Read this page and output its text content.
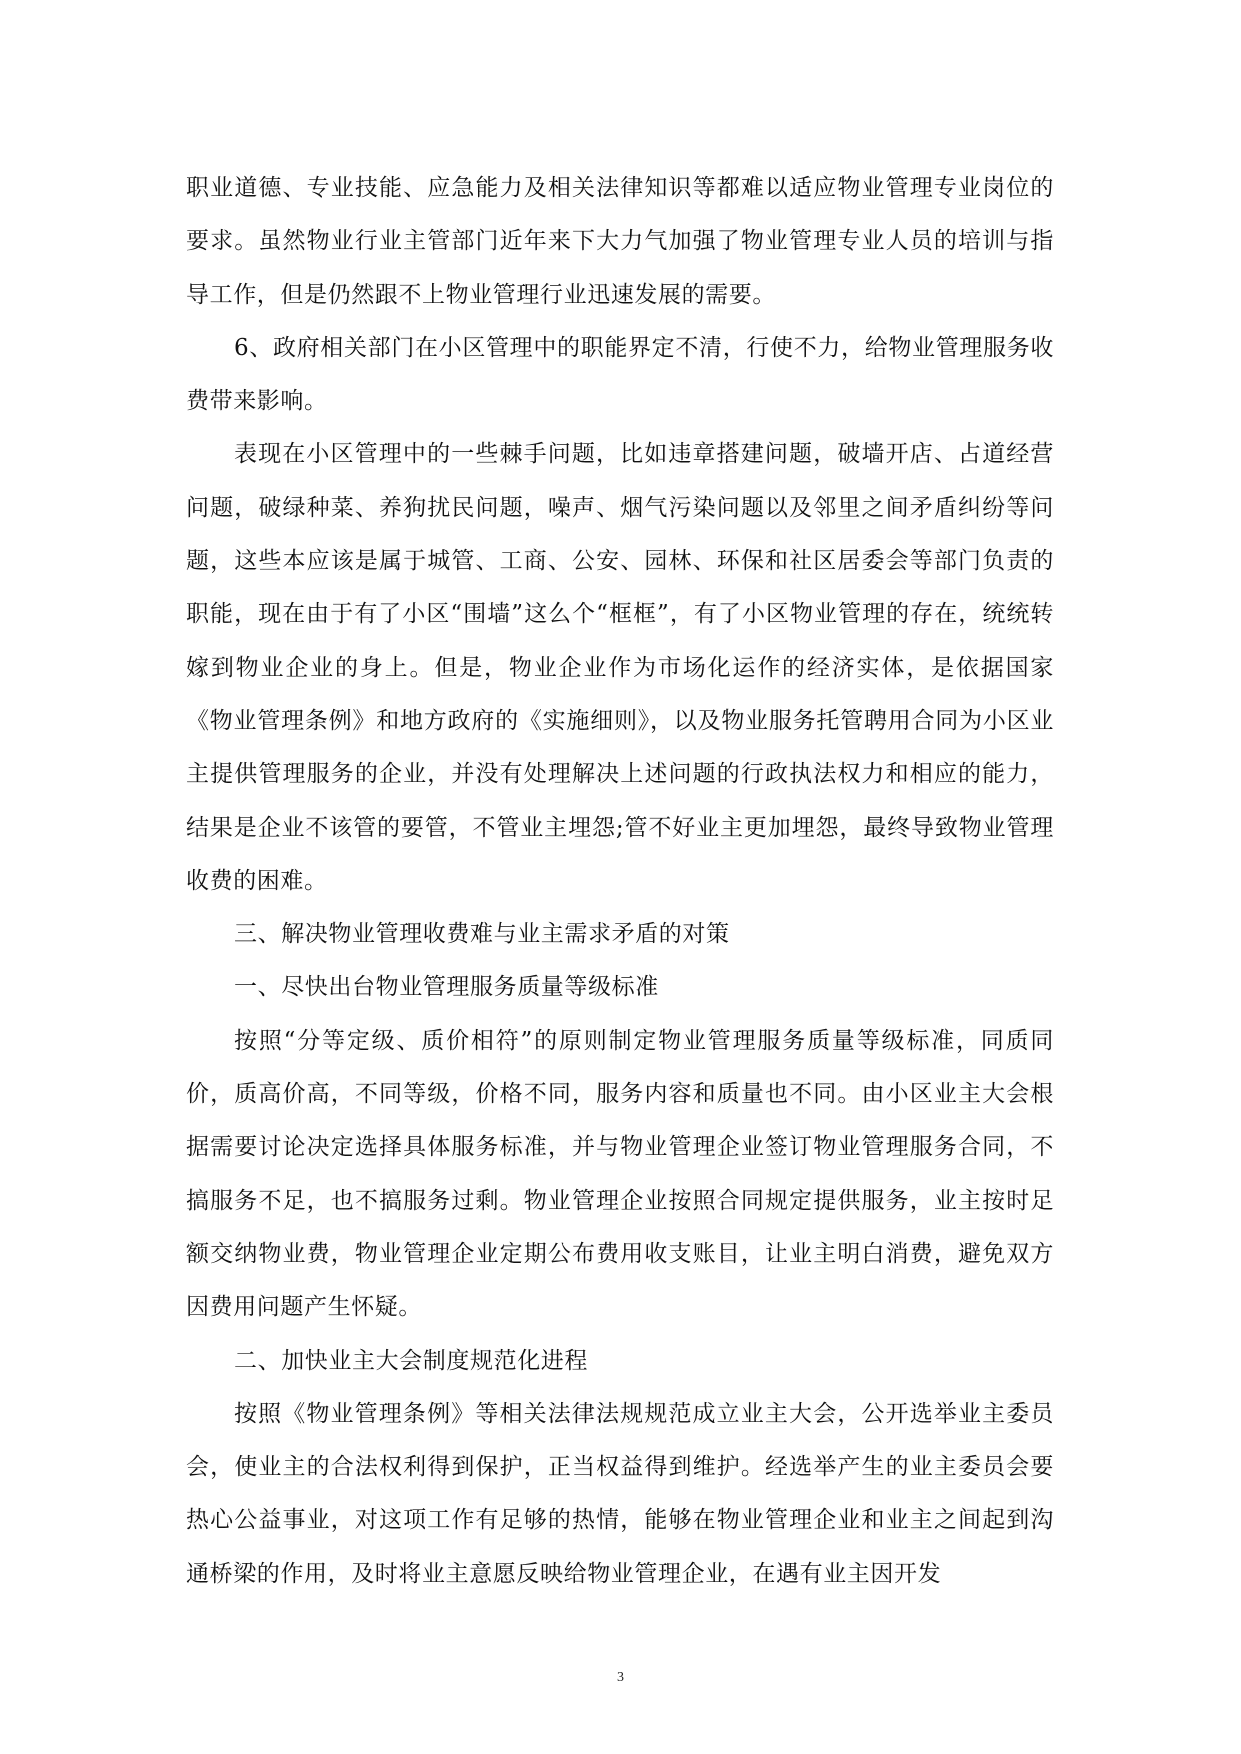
职业道德、专业技能、应急能力及相关法律知识等都难以适应物业管理专业岗位的要求。虽然物业行业主管部门近年来下大力气加强了物业管理专业人员的培训与指导工作，但是仍然跟不上物业管理行业迅速发展的需要。

6、政府相关部门在小区管理中的职能界定不清，行使不力，给物业管理服务收费带来影响。

表现在小区管理中的一些棘手问题，比如违章搭建问题，破墙开店、占道经营问题，破绿种菜、养狗扰民问题，噪声、烟气污染问题以及邻里之间矛盾纠纷等问题，这些本应该是属于城管、工商、公安、园林、环保和社区居委会等部门负责的职能，现在由于有了小区“围墙”这么个“框框”，有了小区物业管理的存在，统统转嫁到物业企业的身上。但是，物业企业作为市场化运作的经济实体，是依据国家《物业管理条例》和地方政府的《实施细则》，以及物业服务托管聘用合同为小区业主提供管理服务的企业，并没有处理解决上述问题的行政执法权力和相应的能力，结果是企业不该管的要管，不管业主埋怨;管不好业主更加埋怨，最终导致物业管理收费的困难。

三、解决物业管理收费难与业主需求矛盾的对策

一、尽快出台物业管理服务质量等级标准

按照“分等定级、质价相符”的原则制定物业管理服务质量等级标准，同质同价，质高价高，不同等级，价格不同，服务内容和质量也不同。由小区业主大会根据需要讨论决定选择具体服务标准，并与物业管理企业签订物业管理服务合同，不搞服务不足，也不搞服务过剩。物业管理企业按照合同规定提供服务，业主按时足额交纳物业费，物业管理企业定期公布费用收支账目，让业主明白消费，避免双方因费用问题产生怀疑。

二、加快业主大会制度规范化进程

按照《物业管理条例》等相关法律法规规范成立业主大会，公开选举业主委员会，使业主的合法权利得到保护，正当权益得到维护。经选举产生的业主委员会要热心公益事业，对这项工作有足够的热情，能够在物业管理企业和业主之间起到沟通桥梁的作用，及时将业主意愿反映给物业管理企业，在遇有业主因开发

3
